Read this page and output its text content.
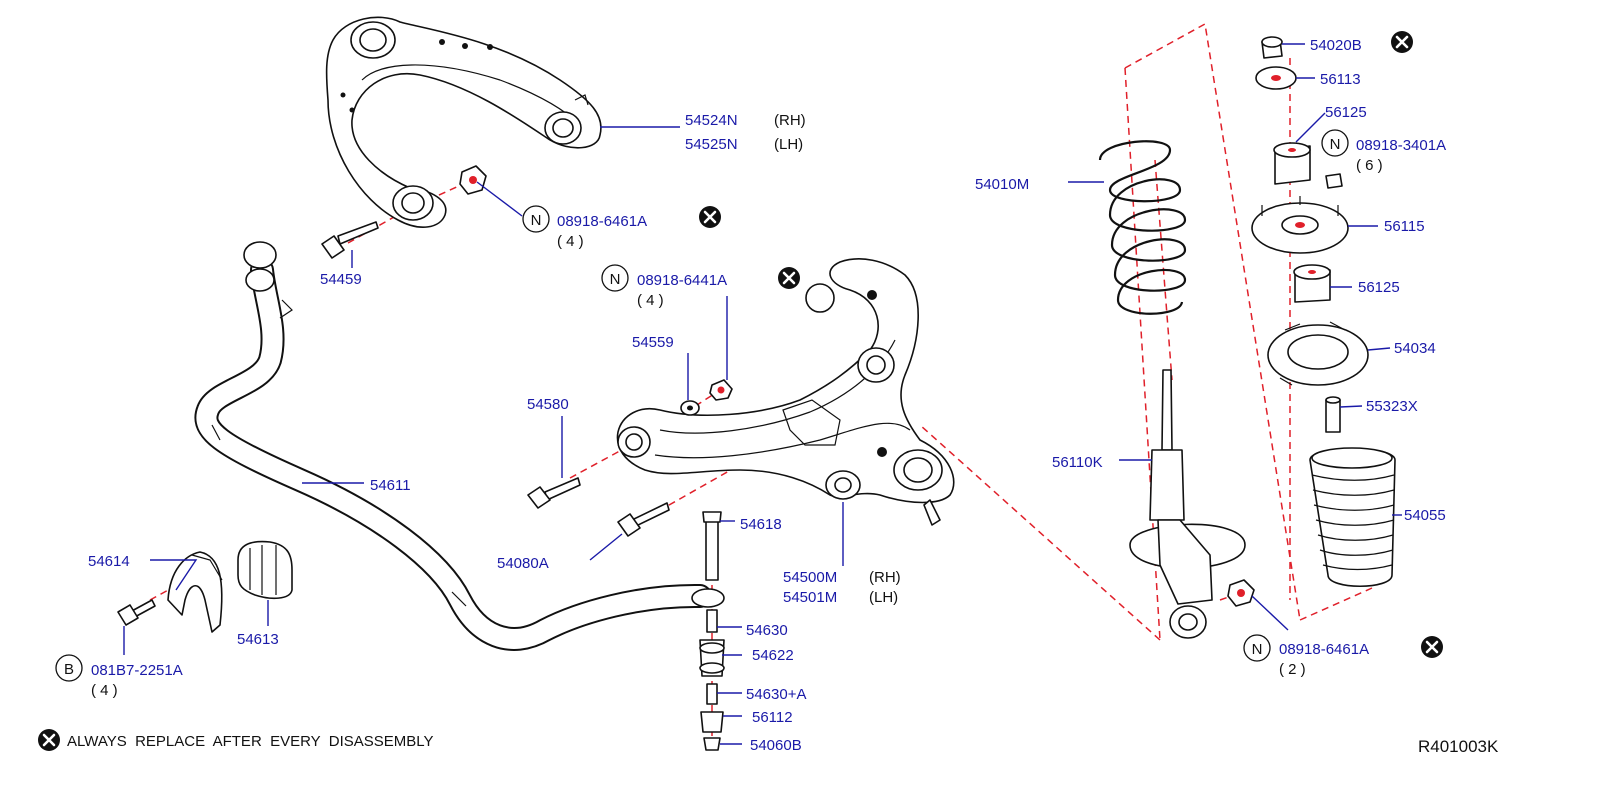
54524N (RH)
54525N (LH)
08918-6461A
( 4 )
54459	08918-6441A
( 4 )
54559
54580
54611
54080A
54618
54500M (RH)
54501M (LH)
54614
54613
081B7-2251A
( 4 )
54630
54622
54630+A
56112
54060B
54010M
56110K
08918-6461A
( 2 )
54020B
56113
56125
08918-3401A
( 6 )
56115
56125
54034
55323X
54055
N
N
N
N
B
ALWAYS  REPLACE  AFTER  EVERY  DISASSEMBLY	R401003K
